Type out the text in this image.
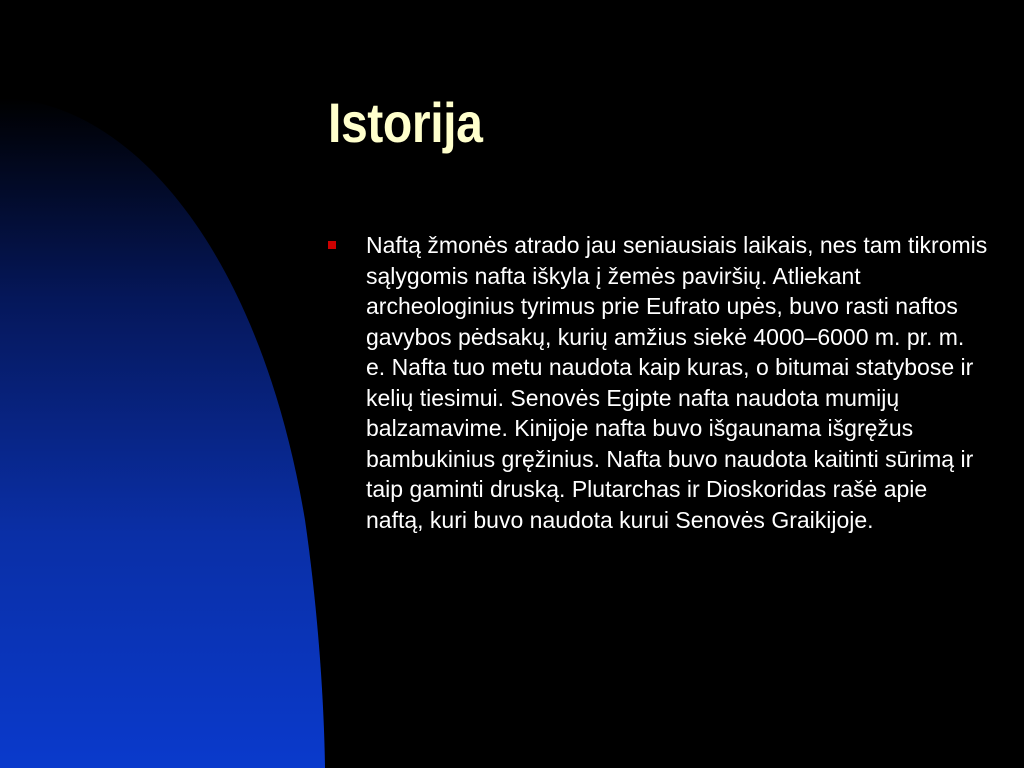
Istorija
Naftą žmonės atrado jau seniausiais laikais, nes tam tikromis sąlygomis nafta iškyla į žemės paviršių. Atliekant archeologinius tyrimus prie Eufrato upės, buvo rasti naftos gavybos pėdsakų, kurių amžius siekė 4000–6000 m. pr. m. e. Nafta tuo metu naudota kaip kuras, o bitumai statybose ir kelių tiesimui. Senovės Egipte nafta naudota mumijų balzamavime. Kinijoje nafta buvo išgaunama išgręžus bambukinius gręžinius. Nafta buvo naudota kaitinti sūrimą ir taip gaminti druską. Plutarchas ir Dioskoridas rašė apie naftą, kuri buvo naudota kurui Senovės Graikijoje.
